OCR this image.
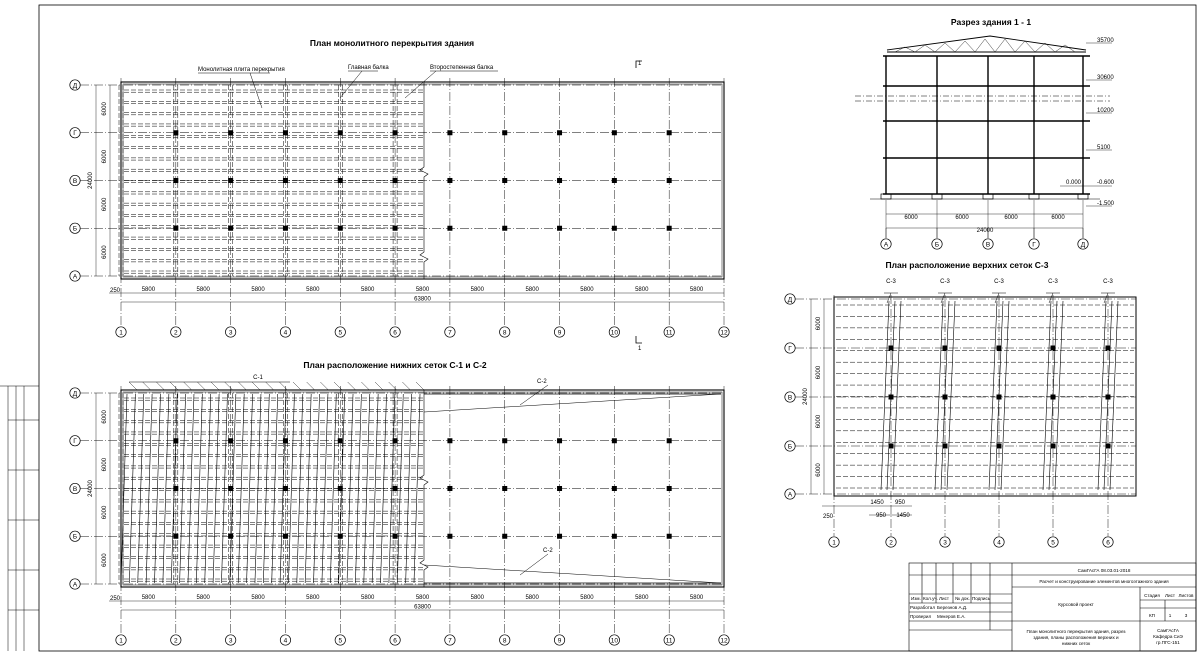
План монолитного перекрытия здания
План расположение нижних сеток С-1 и С-2
Разрез здания 1 - 1
План расположение верхних сеток С-3
Монолитная плита перекрытия	Главная балка	Второстепенная балка
35700
30600
10200
5100
0.000	-0.600
-1.500
6000	6000	6000	6000
24000
А	Б	В	Г	Д
Д
Г
В
Б
А
6000
6000
6000
6000
24000
250	5800	5800	5800	5800	5800	5800	5800	5800	5800	5800	5800
63800
1	2	3	4	5	6	7	8	9	10	11	12
С-1
С-2
С-2
Д
Г
В
Б
А
6000
6000
6000
6000
24000
250	5800	5800	5800	5800	5800	5800	5800	5800	5800	5800	5800
63800
1	2	3	4	5	6	7	8	9	10	11	12
Д
Г
В
Б
А
6000
6000
6000
6000
24000
1	2
С-3
3
С-3
4
С-3
5
С-3
6
С-3
1450 950
950 1450
250
1
1
СамГАсГА 08.03.01-2018
Расчет и конструирование элементов многоэтажного здания
Курсовой проект
План монолитного перекрытия здания, разрез
здания, планы расположения верхних и
нижних сеток
Изм. Кол.уч. Лист № док. Подпись
Разработал Березнов А.Д.
Проверил Мекеров Е.А.
Стадия Лист Листов
КП	1	3
СамГАсГА
Кафедра СиЭ
гр.ПГС-151
